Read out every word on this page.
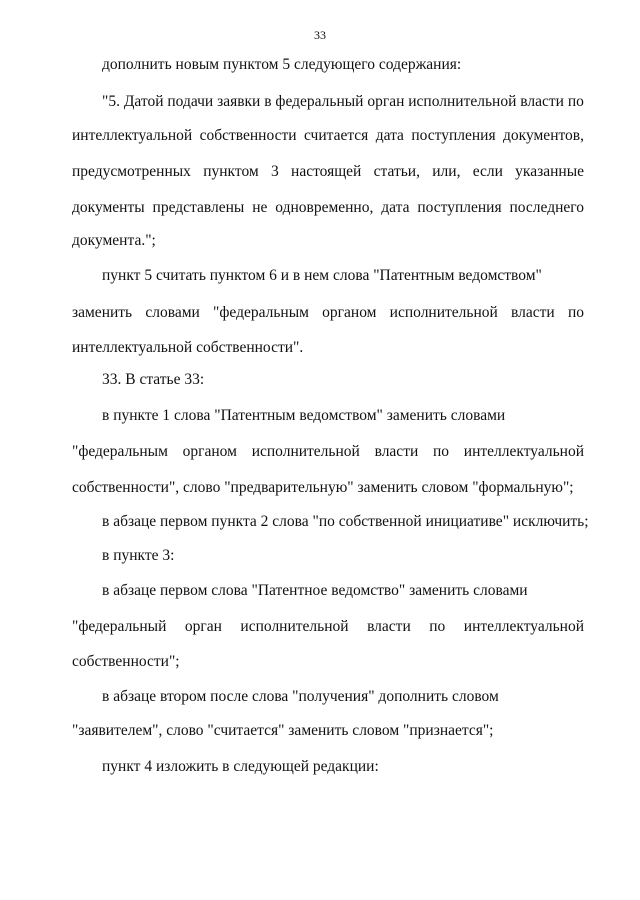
33
дополнить новым пунктом 5 следующего содержания:
"5. Датой подачи заявки в федеральный орган исполнительной власти по
интеллектуальной собственности считается дата поступления документов,
предусмотренных пунктом 3 настоящей статьи, или, если указанные
документы представлены не одновременно, дата поступления последнего
документа.";
пункт 5 считать пунктом 6 и в нем слова "Патентным ведомством"
заменить словами "федеральным органом исполнительной власти по
интеллектуальной собственности".
33. В статье 33:
в пункте 1 слова "Патентным ведомством" заменить словами
"федеральным органом исполнительной власти по интеллектуальной
собственности", слово "предварительную" заменить словом "формальную";
в абзаце первом пункта 2 слова "по собственной инициативе" исключить;
в пункте 3:
в абзаце первом слова "Патентное ведомство" заменить словами
"федеральный орган исполнительной власти по интеллектуальной
собственности";
в абзаце втором после слова "получения" дополнить словом
"заявителем", слово "считается" заменить словом "признается";
пункт 4 изложить в следующей редакции:
